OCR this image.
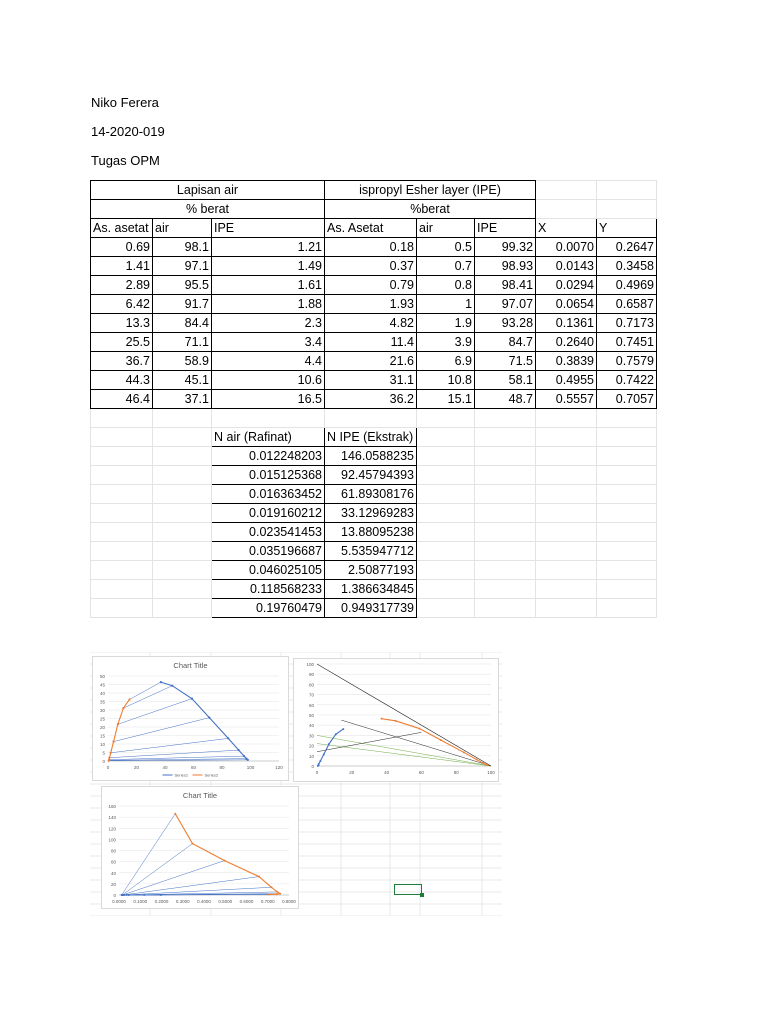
Niko Ferera
14-2020-019
Tugas OPM
Lapisan air			ispropyl Esher layer (IPE)				
% berat			%berat				
As. asetat	air	IPE	As. Asetat	air	IPE	X	Y
0.69	98.1	1.21	0.18	0.5	99.32	0.0070	0.2647
1.41	97.1	1.49	0.37	0.7	98.93	0.0143	0.3458
2.89	95.5	1.61	0.79	0.8	98.41	0.0294	0.4969
6.42	91.7	1.88	1.93	1	97.07	0.0654	0.6587
13.3	84.4	2.3	4.82	1.9	93.28	0.1361	0.7173
25.5	71.1	3.4	11.4	3.9	84.7	0.2640	0.7451
36.7	58.9	4.4	21.6	6.9	71.5	0.3839	0.7579
44.3	45.1	10.6	31.1	10.8	58.1	0.4955	0.7422
46.4	37.1	16.5	36.2	15.1	48.7	0.5557	0.7057

		N air (Rafinat)	N IPE (Ekstrak)				
		0.012248203	146.0588235				
		0.015125368	92.45794393				
		0.016363452	61.89308176				
		0.019160212	33.12969283				
		0.023541453	13.88095238				
		0.035196687	5.535947712				
		0.046025105	2.50877193				
		0.118568233	1.386634845				
		0.19760479	0.949317739				
Chart Title
0
5
10
15
20
25
30
35
40
45
50
0	20	40	60	80	100	120
Series1	Series2
0
10
20
30
40
50
60
70
80
90
100
0	20	40	60	80	100
Chart Title
0
20
40
60
80
100
120
140
160
0.0000 0.1000 0.2000 0.3000 0.4000 0.5000 0.6000 0.7000 0.8000
